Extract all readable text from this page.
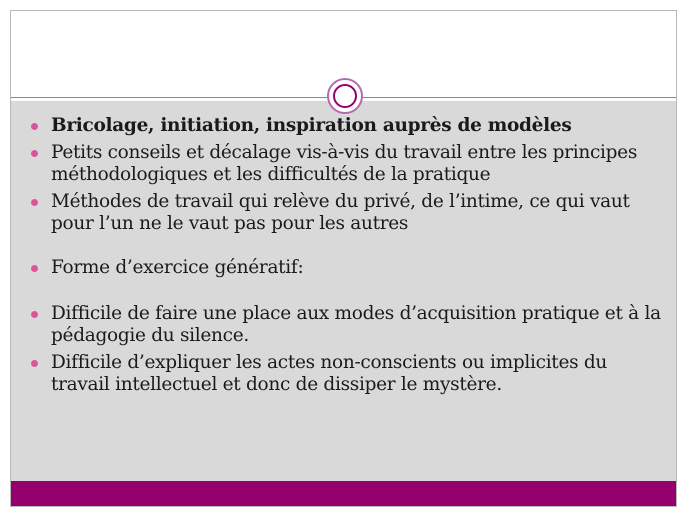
Bricolage, initiation, inspiration auprès de modèles
Petits conseils et décalage vis-à-vis du travail entre les principes méthodologiques et les difficultés de la pratique
Méthodes de travail qui relève du privé, de l’intime, ce qui vaut pour l’un ne le vaut pas pour les autres
Forme d’exercice génératif:
Difficile de faire une place aux modes d’acquisition pratique et à la pédagogie du silence.
Difficile d’expliquer les actes non-conscients ou implicites du travail intellectuel et donc de dissiper le mystère.
